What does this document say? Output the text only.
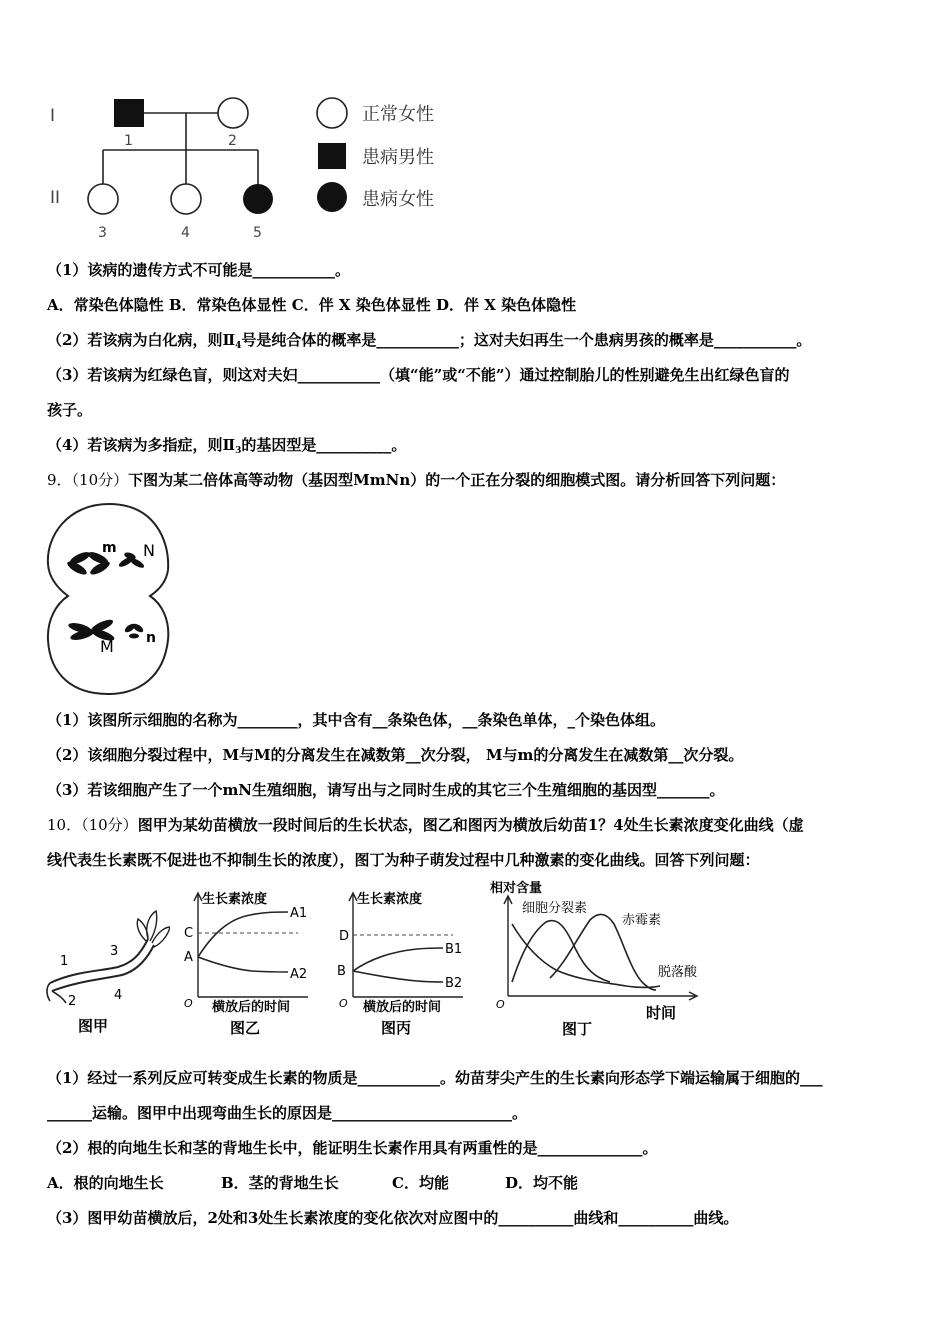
I
II
1	2
3	4	5
正常女性
患病男性
患病女性
（1）该病的遗传方式不可能是___________。
A．常染色体隐性 B．常染色体显性 C．伴 X 染色体显性 D．伴 X 染色体隐性
（2）若该病为白化病，则$Ⅱ_4$号是纯合体的概率是___________；这对夫妇再生一个患病男孩的概率是___________。
（3）若该病为红绿色盲，则这对夫妇___________（填“能”或“不能”）通过控制胎儿的性别避免生出红绿色盲的
孩子。
（4）若该病为多指症，则$Ⅱ_3$的基因型是__________。
9．（10分）下图为某二倍体高等动物（基因型MmNn）的一个正在分裂的细胞模式图。请分析回答下列问题：
m N
M n
（1）该图所示细胞的名称为________，其中含有__条染色体，__条染色单体，_个染色体组。
（2）该细胞分裂过程中，M与M的分离发生在减数第__次分裂， M与m的分离发生在减数第__次分裂。
（3）若该细胞产生了一个mN生殖细胞，请写出与之同时生成的其它三个生殖细胞的基因型_______。
10．（10分）图甲为某幼苗横放一段时间后的生长状态，图乙和图丙为横放后幼苗1？4处生长素浓度变化曲线（虚
线代表生长素既不促进也不抑制生长的浓度），图丁为种子萌发过程中几种激素的变化曲线。回答下列问题：
1
2
3
4
图甲
生长素浓度
C
A
A1
A2
O 横放后的时间
图乙
生长素浓度
D
B
B1
B2
O 横放后的时间
图丙
相对含量
细胞分裂素
赤霉素
脱落酸
O	时间
图丁
（1）经过一系列反应可转变成生长素的物质是___________。幼苗芽尖产生的生长素向形态学下端运输属于细胞的___
______运输。图甲中出现弯曲生长的原因是________________________。
（2）根的向地生长和茎的背地生长中，能证明生长素作用具有两重性的是______________。
A．根的向地生长	B．茎的背地生长	C．均能	D．均不能
（3）图甲幼苗横放后，2处和3处生长素浓度的变化依次对应图中的__________曲线和__________曲线。
